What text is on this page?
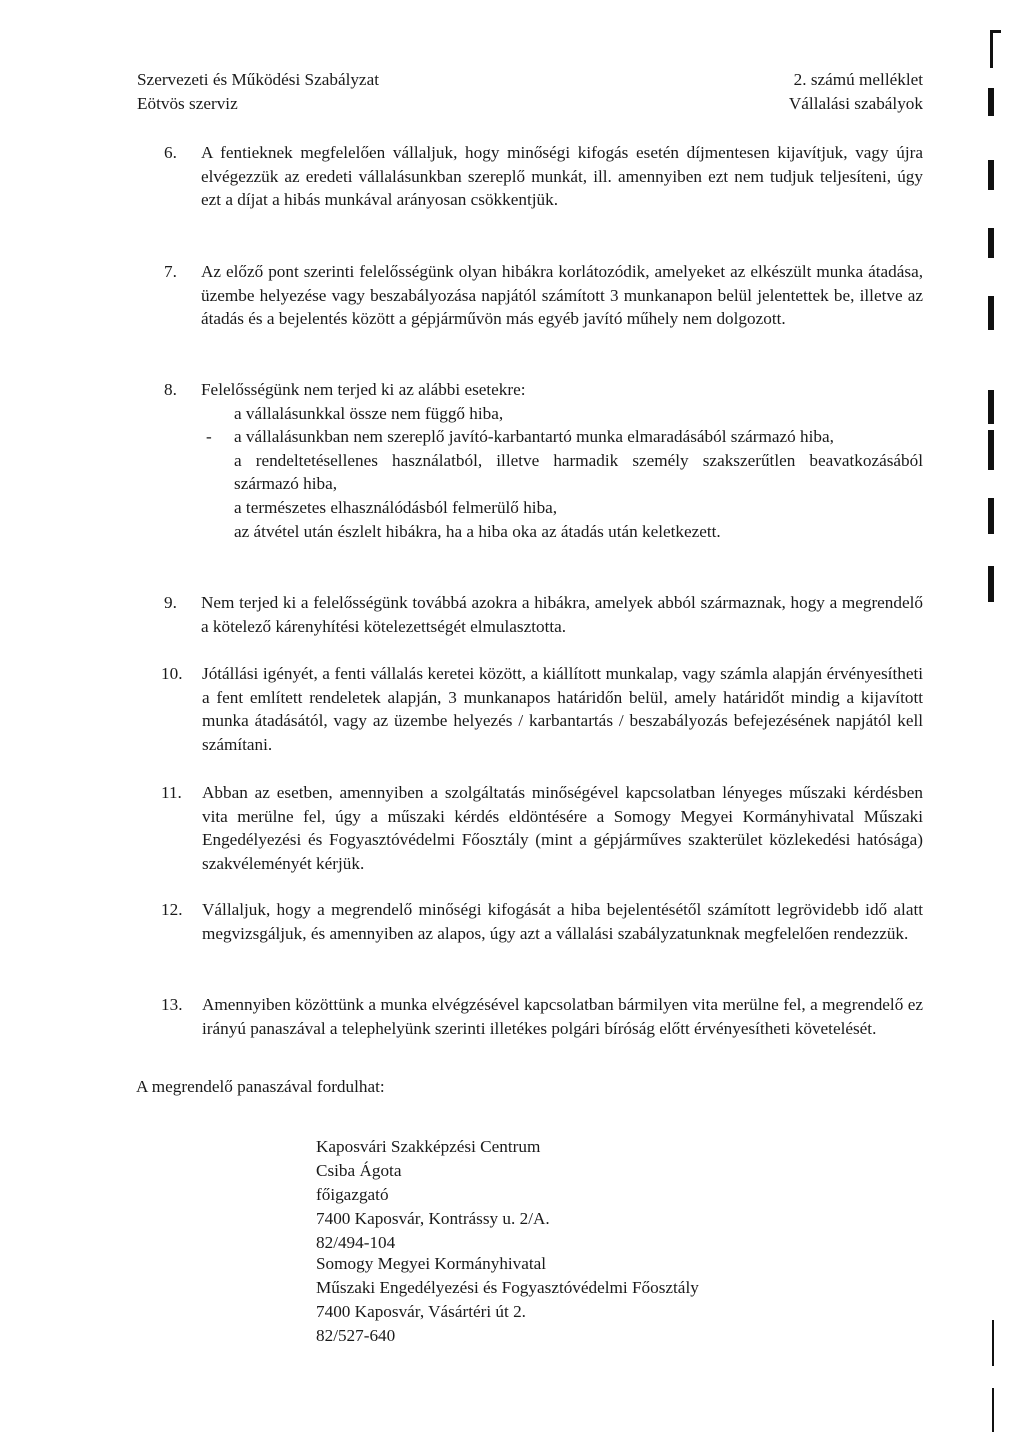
Szervezeti és Működési Szabályzat
Eötvös szerviz
2. számú melléklet
Vállalási szabályok
6. A fentieknek megfelelően vállaljuk, hogy minőségi kifogás esetén díjmentesen kijavítjuk, vagy újra elvégezzük az eredeti vállalásunkban szereplő munkát, ill. amennyiben ezt nem tudjuk teljesíteni, úgy ezt a díjat a hibás munkával arányosan csökkentjük.
7. Az előző pont szerinti felelősségünk olyan hibákra korlátozódik, amelyeket az elkészült munka átadása, üzembe helyezése vagy beszabályozása napjától számított 3 munkanapon belül jelentettek be, illetve az átadás és a bejelentés között a gépjárművön más egyéb javító műhely nem dolgozott.
8. Felelősségünk nem terjed ki az alábbi esetekre:
a vállalásunkkal össze nem függő hiba,
- a vállalásunkban nem szereplő javító-karbantartó munka elmaradásából származó hiba,
a rendeltetésellenes használatból, illetve harmadik személy szakszerűtlen beavatkozásából származó hiba,
a természetes elhasználódásból felmerülő hiba,
az átvétel után észlelt hibákra, ha a hiba oka az átadás után keletkezett.
9. Nem terjed ki a felelősségünk továbbá azokra a hibákra, amelyek abból származnak, hogy a megrendelő a kötelező kárenyhítési kötelezettségét elmulasztotta.
10. Jótállási igényét, a fenti vállalás keretei között, a kiállított munkalap, vagy számla alapján érvényesítheti a fent említett rendeletek alapján, 3 munkanapos határidőn belül, amely határidőt mindig a kijavított munka átadásától, vagy az üzembe helyezés / karbantartás / beszabályozás befejezésének napjától kell számítani.
11. Abban az esetben, amennyiben a szolgáltatás minőségével kapcsolatban lényeges műszaki kérdésben vita merülne fel, úgy a műszaki kérdés eldöntésére a Somogy Megyei Kormányhivatal Műszaki Engedélyezési és Fogyasztóvédelmi Főosztály (mint a gépjárműves szakterület közlekedési hatósága) szakvéleményét kérjük.
12. Vállaljuk, hogy a megrendelő minőségi kifogását a hiba bejelentésétől számított legrövidebb idő alatt megvizsgáljuk, és amennyiben az alapos, úgy azt a vállalási szabályzatunknak megfelelően rendezzük.
13. Amennyiben közöttünk a munka elvégzésével kapcsolatban bármilyen vita merülne fel, a megrendelő ez irányú panaszával a telephelyünk szerinti illetékes polgári bíróság előtt érvényesítheti követelését.
A megrendelő panaszával fordulhat:
Kaposvári Szakképzési Centrum
Csiba Ágota
főigazgató
7400 Kaposvár, Kontrássy u. 2/A.
82/494-104
Somogy Megyei Kormányhivatal
Műszaki Engedélyezési és Fogyasztóvédelmi Főosztály
7400 Kaposvár, Vásártéri út 2.
82/527-640
